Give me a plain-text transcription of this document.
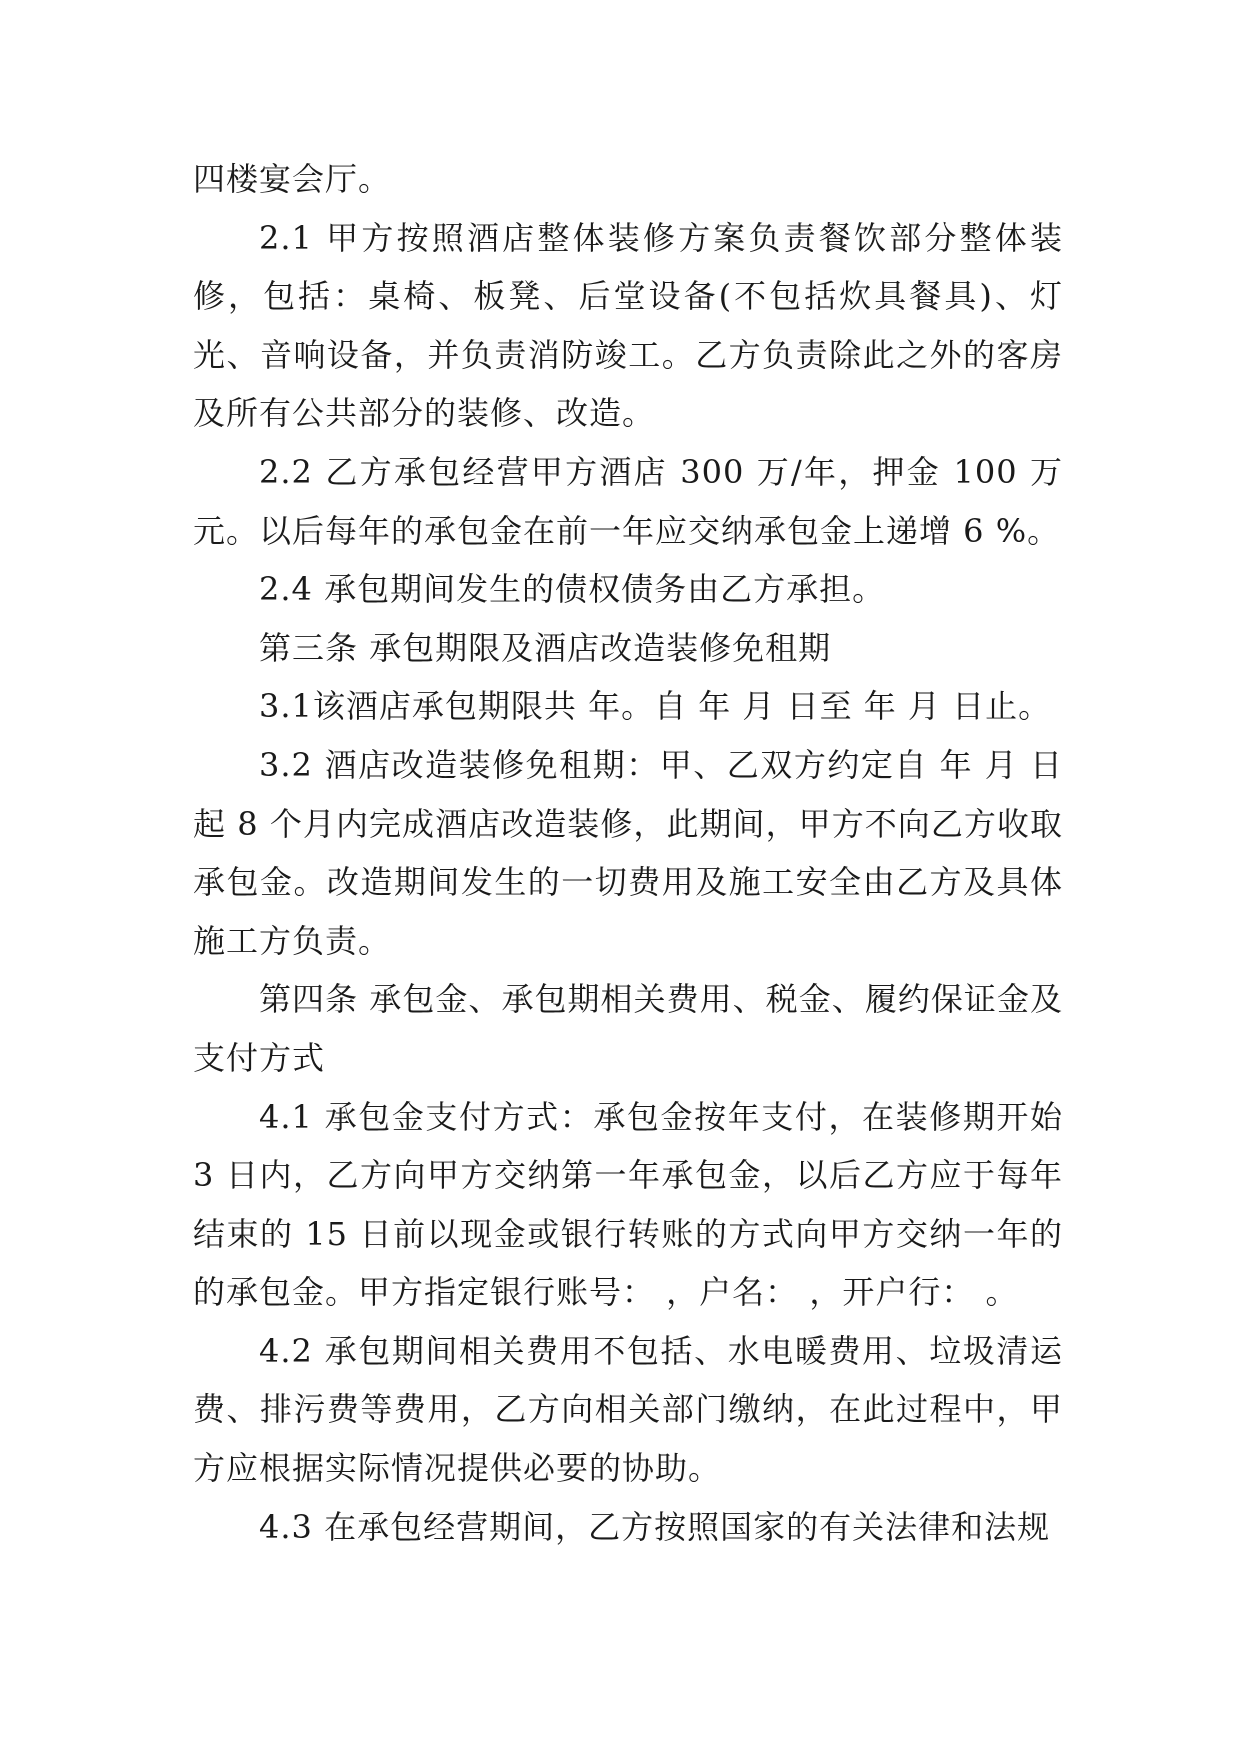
四楼宴会厅。

2.1 甲方按照酒店整体装修方案负责餐饮部分整体装修，包括：桌椅、板凳、后堂设备(不包括炊具餐具)、灯光、音响设备，并负责消防竣工。乙方负责除此之外的客房及所有公共部分的装修、改造。

2.2 乙方承包经营甲方酒店 300 万/年，押金 100 万元。以后每年的承包金在前一年应交纳承包金上递增 6 %。

2.4 承包期间发生的债权债务由乙方承担。

第三条 承包期限及酒店改造装修免租期

3.1该酒店承包期限共 年。自 年 月 日至 年 月 日止。

3.2 酒店改造装修免租期：甲、乙双方约定自 年 月 日起 8 个月内完成酒店改造装修，此期间，甲方不向乙方收取承包金。改造期间发生的一切费用及施工安全由乙方及具体施工方负责。

第四条 承包金、承包期相关费用、税金、履约保证金及支付方式

4.1 承包金支付方式：承包金按年支付，在装修期开始 3 日内，乙方向甲方交纳第一年承包金，以后乙方应于每年结束的 15 日前以现金或银行转账的方式向甲方交纳一年的的承包金。甲方指定银行账号： ，户名： ，开户行： 。

4.2 承包期间相关费用不包括、水电暖费用、垃圾清运费、排污费等费用，乙方向相关部门缴纳，在此过程中，甲方应根据实际情况提供必要的协助。

4.3 在承包经营期间，乙方按照国家的有关法律和法规
